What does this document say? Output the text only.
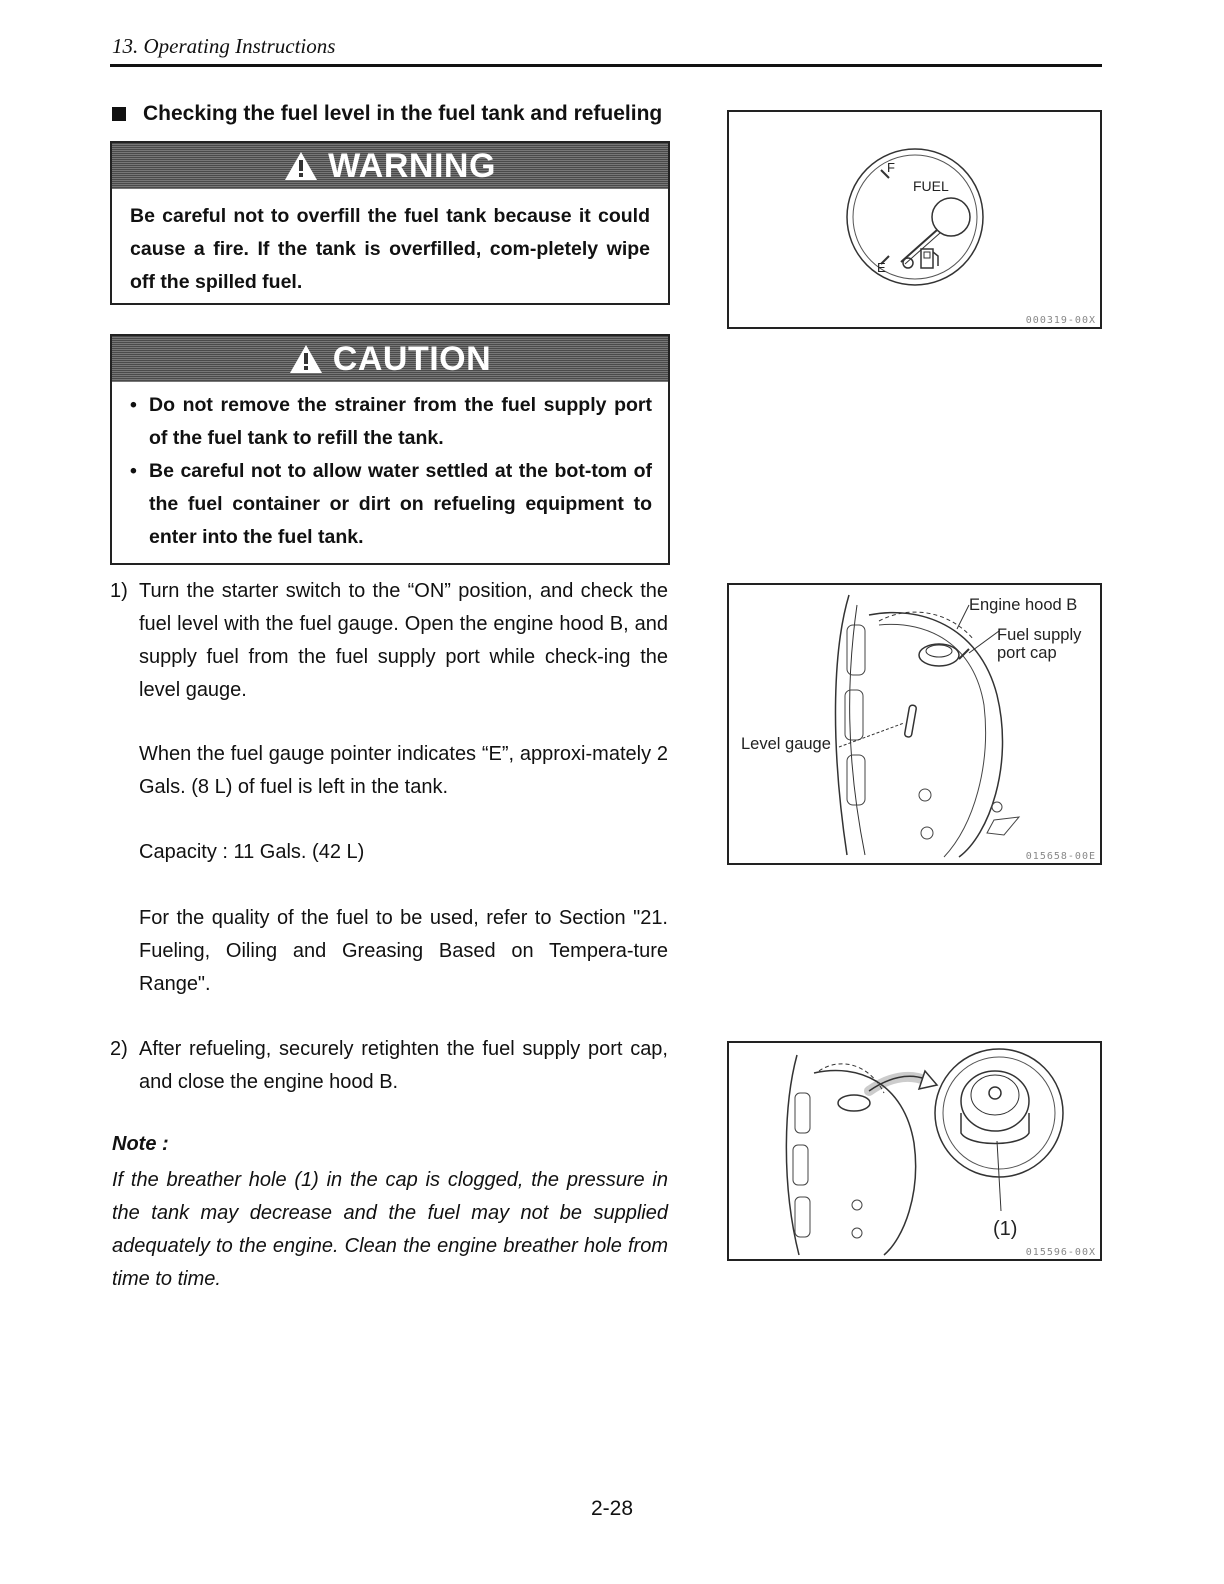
13. Operating Instructions
Checking the fuel level in the fuel tank and refueling
WARNING
Be careful not to overfill the fuel tank because it could cause a fire. If the tank is overfilled, com-pletely wipe off the spilled fuel.
CAUTION
• Do not remove the strainer from the fuel supply port of the fuel tank to refill the tank.
• Be careful not to allow water settled at the bot-tom of the fuel container or dirt on refueling equipment to enter into the fuel tank.
1) Turn the starter switch to the “ON” position, and check the fuel level with the fuel gauge. Open the engine hood B, and supply fuel from the fuel supply port while check-ing the level gauge.
When the fuel gauge pointer indicates “E”, approxi-mately 2 Gals. (8 L) of fuel is left in the tank.
Capacity : 11 Gals. (42 L)
For the quality of the fuel to be used, refer to Section "21. Fueling, Oiling and Greasing Based on Tempera-ture Range".
2) After refueling, securely retighten the fuel supply port cap, and close the engine hood B.
Note :
If the breather hole (1) in the cap is clogged, the pressure in the tank may decrease and the fuel may not be supplied adequately to the engine. Clean the engine breather hole from time to time.
F
FUEL
E
000319-00X
Engine hood B
Fuel supply
port cap
Level gauge
015658-00E
(1)
015596-00X
2-28
